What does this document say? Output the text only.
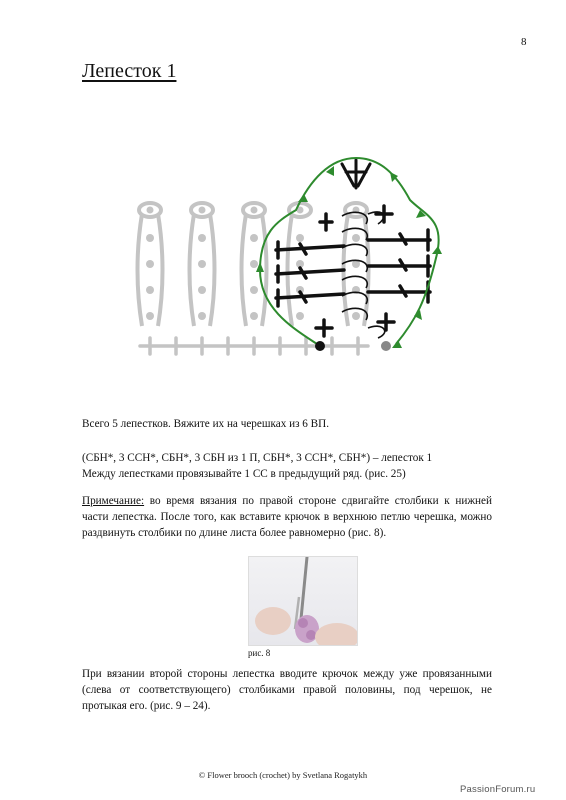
8
Лепесток 1

Всего 5 лепестков. Вяжите их на черешках из 6 ВП.

(СБН*, 3 ССН*, СБН*, 3 СБН из 1 П, СБН*, 3 ССН*, СБН*) – лепесток 1

Между лепестками провязывайте 1 СС в предыдущий ряд. (рис. 25)

Примечание: во время вязания по правой стороне сдвигайте столбики к нижней части лепестка. После того, как вставите крючок в верхнюю петлю черешка, можно раздвинуть столбики по длине листа более равномерно (рис. 8).

рис. 8

При вязании второй стороны лепестка вводите крючок между уже провязанными (слева от соответствующего) столбиками правой половины, под черешок, не протыкая его. (рис. 9 – 24).

© Flower brooch (crochet) by Svetlana Rogatykh
PassionForum.ru
